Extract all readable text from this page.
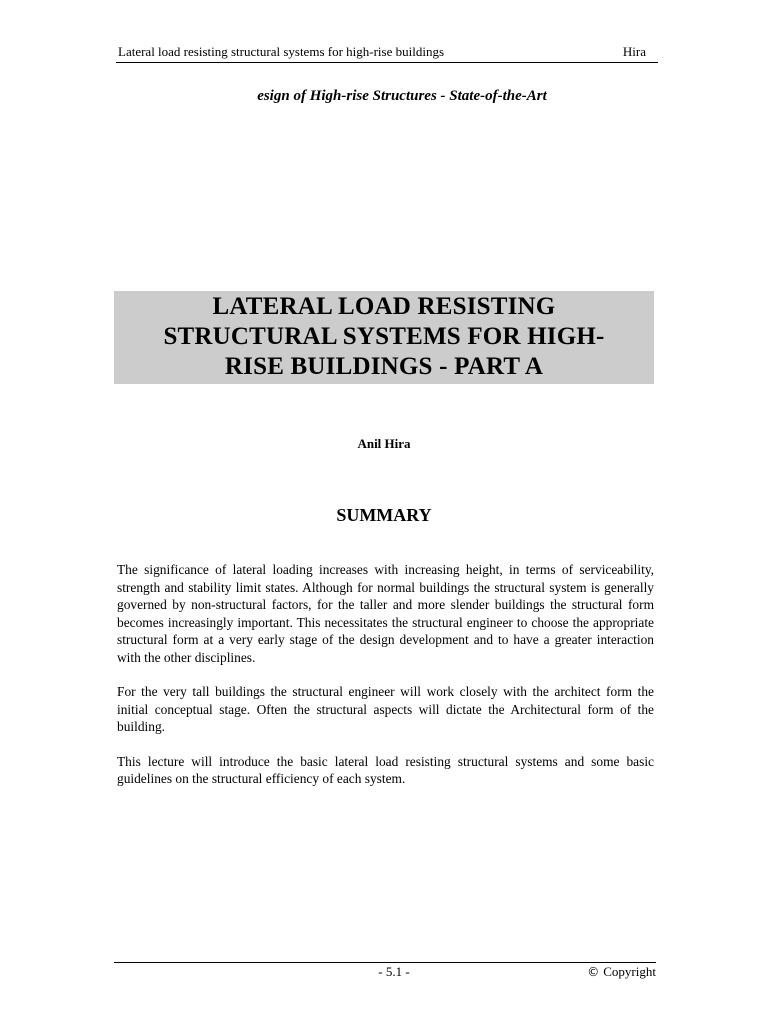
Lateral load resisting structural systems for high-rise buildings	Hira
esign of High-rise Structures - State-of-the-Art
LATERAL LOAD RESISTING
STRUCTURAL SYSTEMS FOR HIGH-
RISE BUILDINGS - PART A
Anil Hira
SUMMARY

The significance of lateral loading increases with increasing height, in terms of serviceability, strength and stability limit states. Although for normal buildings the structural system is generally governed by non-structural factors, for the taller and more slender buildings the structural form becomes increasingly important. This necessitates the structural engineer to choose the appropriate structural form at a very early stage of the design development and to have a greater interaction with the other disciplines.

For the very tall buildings the structural engineer will work closely with the architect form the initial conceptual stage. Often the structural aspects will dictate the Architectural form of the building.

This lecture will introduce the basic lateral load resisting structural systems and some basic guidelines on the structural efficiency of each system.

- 5.1 -	© Copyright
